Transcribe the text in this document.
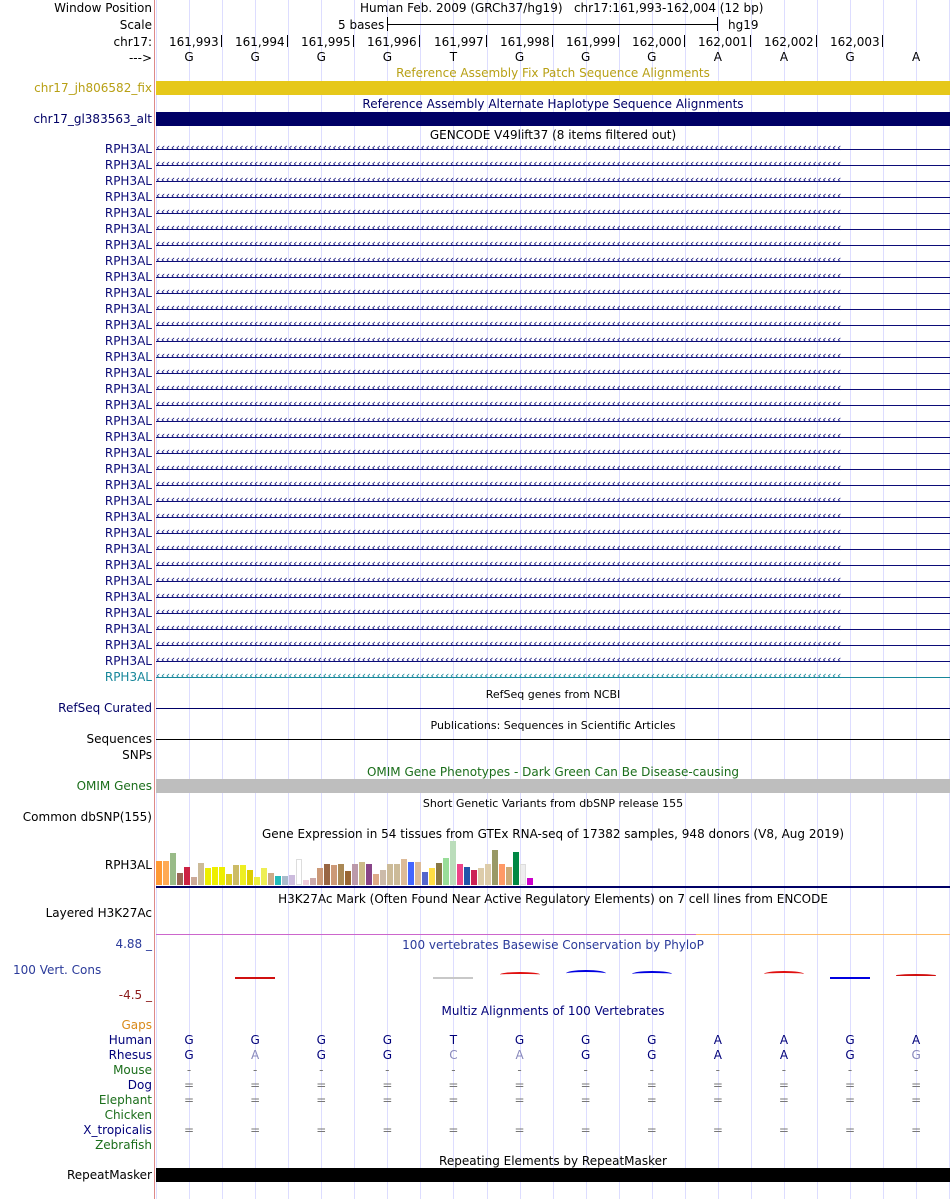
Window Position	Human Feb. 2009 (GRCh37/hg19)   chr17:161,993-162,004 (12 bp)
Scale	5 bases	hg19
chr17:
--->
161,993 161,994 161,995 161,996 161,997 161,998 161,999 162,000 162,001 162,002 162,003
G	G	G	G	T	G	G	G	A	A	G	A
Reference Assembly Fix Patch Sequence Alignments
chr17_jh806582_fix
Reference Assembly Alternate Haplotype Sequence Alignments
chr17_gl383563_alt
GENCODE V49lift37 (8 items filtered out)
RPH3AL ‹‹‹‹‹‹‹‹‹‹‹‹‹‹‹‹‹‹‹‹‹‹‹‹‹‹‹‹‹‹‹‹‹‹‹‹‹‹‹‹‹‹‹‹‹‹‹‹‹‹‹‹‹‹‹‹‹‹‹‹‹‹‹‹‹‹‹‹‹‹‹‹‹‹‹‹‹‹‹‹‹‹‹‹‹‹‹‹‹‹‹‹‹‹‹‹‹‹‹‹‹‹‹‹‹‹‹‹‹‹‹‹‹‹‹‹‹‹‹‹‹‹‹‹‹‹‹‹‹‹‹‹‹‹‹‹‹‹‹‹
RPH3AL ‹‹‹‹‹‹‹‹‹‹‹‹‹‹‹‹‹‹‹‹‹‹‹‹‹‹‹‹‹‹‹‹‹‹‹‹‹‹‹‹‹‹‹‹‹‹‹‹‹‹‹‹‹‹‹‹‹‹‹‹‹‹‹‹‹‹‹‹‹‹‹‹‹‹‹‹‹‹‹‹‹‹‹‹‹‹‹‹‹‹‹‹‹‹‹‹‹‹‹‹‹‹‹‹‹‹‹‹‹‹‹‹‹‹‹‹‹‹‹‹‹‹‹‹‹‹‹‹‹‹‹‹‹‹‹‹‹‹‹‹
RPH3AL ‹‹‹‹‹‹‹‹‹‹‹‹‹‹‹‹‹‹‹‹‹‹‹‹‹‹‹‹‹‹‹‹‹‹‹‹‹‹‹‹‹‹‹‹‹‹‹‹‹‹‹‹‹‹‹‹‹‹‹‹‹‹‹‹‹‹‹‹‹‹‹‹‹‹‹‹‹‹‹‹‹‹‹‹‹‹‹‹‹‹‹‹‹‹‹‹‹‹‹‹‹‹‹‹‹‹‹‹‹‹‹‹‹‹‹‹‹‹‹‹‹‹‹‹‹‹‹‹‹‹‹‹‹‹‹‹‹‹‹‹
RPH3AL ‹‹‹‹‹‹‹‹‹‹‹‹‹‹‹‹‹‹‹‹‹‹‹‹‹‹‹‹‹‹‹‹‹‹‹‹‹‹‹‹‹‹‹‹‹‹‹‹‹‹‹‹‹‹‹‹‹‹‹‹‹‹‹‹‹‹‹‹‹‹‹‹‹‹‹‹‹‹‹‹‹‹‹‹‹‹‹‹‹‹‹‹‹‹‹‹‹‹‹‹‹‹‹‹‹‹‹‹‹‹‹‹‹‹‹‹‹‹‹‹‹‹‹‹‹‹‹‹‹‹‹‹‹‹‹‹‹‹‹‹
RPH3AL ‹‹‹‹‹‹‹‹‹‹‹‹‹‹‹‹‹‹‹‹‹‹‹‹‹‹‹‹‹‹‹‹‹‹‹‹‹‹‹‹‹‹‹‹‹‹‹‹‹‹‹‹‹‹‹‹‹‹‹‹‹‹‹‹‹‹‹‹‹‹‹‹‹‹‹‹‹‹‹‹‹‹‹‹‹‹‹‹‹‹‹‹‹‹‹‹‹‹‹‹‹‹‹‹‹‹‹‹‹‹‹‹‹‹‹‹‹‹‹‹‹‹‹‹‹‹‹‹‹‹‹‹‹‹‹‹‹‹‹‹
RPH3AL ‹‹‹‹‹‹‹‹‹‹‹‹‹‹‹‹‹‹‹‹‹‹‹‹‹‹‹‹‹‹‹‹‹‹‹‹‹‹‹‹‹‹‹‹‹‹‹‹‹‹‹‹‹‹‹‹‹‹‹‹‹‹‹‹‹‹‹‹‹‹‹‹‹‹‹‹‹‹‹‹‹‹‹‹‹‹‹‹‹‹‹‹‹‹‹‹‹‹‹‹‹‹‹‹‹‹‹‹‹‹‹‹‹‹‹‹‹‹‹‹‹‹‹‹‹‹‹‹‹‹‹‹‹‹‹‹‹‹‹‹
RPH3AL ‹‹‹‹‹‹‹‹‹‹‹‹‹‹‹‹‹‹‹‹‹‹‹‹‹‹‹‹‹‹‹‹‹‹‹‹‹‹‹‹‹‹‹‹‹‹‹‹‹‹‹‹‹‹‹‹‹‹‹‹‹‹‹‹‹‹‹‹‹‹‹‹‹‹‹‹‹‹‹‹‹‹‹‹‹‹‹‹‹‹‹‹‹‹‹‹‹‹‹‹‹‹‹‹‹‹‹‹‹‹‹‹‹‹‹‹‹‹‹‹‹‹‹‹‹‹‹‹‹‹‹‹‹‹‹‹‹‹‹‹
RPH3AL ‹‹‹‹‹‹‹‹‹‹‹‹‹‹‹‹‹‹‹‹‹‹‹‹‹‹‹‹‹‹‹‹‹‹‹‹‹‹‹‹‹‹‹‹‹‹‹‹‹‹‹‹‹‹‹‹‹‹‹‹‹‹‹‹‹‹‹‹‹‹‹‹‹‹‹‹‹‹‹‹‹‹‹‹‹‹‹‹‹‹‹‹‹‹‹‹‹‹‹‹‹‹‹‹‹‹‹‹‹‹‹‹‹‹‹‹‹‹‹‹‹‹‹‹‹‹‹‹‹‹‹‹‹‹‹‹‹‹‹‹
RPH3AL ‹‹‹‹‹‹‹‹‹‹‹‹‹‹‹‹‹‹‹‹‹‹‹‹‹‹‹‹‹‹‹‹‹‹‹‹‹‹‹‹‹‹‹‹‹‹‹‹‹‹‹‹‹‹‹‹‹‹‹‹‹‹‹‹‹‹‹‹‹‹‹‹‹‹‹‹‹‹‹‹‹‹‹‹‹‹‹‹‹‹‹‹‹‹‹‹‹‹‹‹‹‹‹‹‹‹‹‹‹‹‹‹‹‹‹‹‹‹‹‹‹‹‹‹‹‹‹‹‹‹‹‹‹‹‹‹‹‹‹‹
RPH3AL ‹‹‹‹‹‹‹‹‹‹‹‹‹‹‹‹‹‹‹‹‹‹‹‹‹‹‹‹‹‹‹‹‹‹‹‹‹‹‹‹‹‹‹‹‹‹‹‹‹‹‹‹‹‹‹‹‹‹‹‹‹‹‹‹‹‹‹‹‹‹‹‹‹‹‹‹‹‹‹‹‹‹‹‹‹‹‹‹‹‹‹‹‹‹‹‹‹‹‹‹‹‹‹‹‹‹‹‹‹‹‹‹‹‹‹‹‹‹‹‹‹‹‹‹‹‹‹‹‹‹‹‹‹‹‹‹‹‹‹‹
RPH3AL ‹‹‹‹‹‹‹‹‹‹‹‹‹‹‹‹‹‹‹‹‹‹‹‹‹‹‹‹‹‹‹‹‹‹‹‹‹‹‹‹‹‹‹‹‹‹‹‹‹‹‹‹‹‹‹‹‹‹‹‹‹‹‹‹‹‹‹‹‹‹‹‹‹‹‹‹‹‹‹‹‹‹‹‹‹‹‹‹‹‹‹‹‹‹‹‹‹‹‹‹‹‹‹‹‹‹‹‹‹‹‹‹‹‹‹‹‹‹‹‹‹‹‹‹‹‹‹‹‹‹‹‹‹‹‹‹‹‹‹‹
RPH3AL ‹‹‹‹‹‹‹‹‹‹‹‹‹‹‹‹‹‹‹‹‹‹‹‹‹‹‹‹‹‹‹‹‹‹‹‹‹‹‹‹‹‹‹‹‹‹‹‹‹‹‹‹‹‹‹‹‹‹‹‹‹‹‹‹‹‹‹‹‹‹‹‹‹‹‹‹‹‹‹‹‹‹‹‹‹‹‹‹‹‹‹‹‹‹‹‹‹‹‹‹‹‹‹‹‹‹‹‹‹‹‹‹‹‹‹‹‹‹‹‹‹‹‹‹‹‹‹‹‹‹‹‹‹‹‹‹‹‹‹‹
RPH3AL ‹‹‹‹‹‹‹‹‹‹‹‹‹‹‹‹‹‹‹‹‹‹‹‹‹‹‹‹‹‹‹‹‹‹‹‹‹‹‹‹‹‹‹‹‹‹‹‹‹‹‹‹‹‹‹‹‹‹‹‹‹‹‹‹‹‹‹‹‹‹‹‹‹‹‹‹‹‹‹‹‹‹‹‹‹‹‹‹‹‹‹‹‹‹‹‹‹‹‹‹‹‹‹‹‹‹‹‹‹‹‹‹‹‹‹‹‹‹‹‹‹‹‹‹‹‹‹‹‹‹‹‹‹‹‹‹‹‹‹‹
RPH3AL ‹‹‹‹‹‹‹‹‹‹‹‹‹‹‹‹‹‹‹‹‹‹‹‹‹‹‹‹‹‹‹‹‹‹‹‹‹‹‹‹‹‹‹‹‹‹‹‹‹‹‹‹‹‹‹‹‹‹‹‹‹‹‹‹‹‹‹‹‹‹‹‹‹‹‹‹‹‹‹‹‹‹‹‹‹‹‹‹‹‹‹‹‹‹‹‹‹‹‹‹‹‹‹‹‹‹‹‹‹‹‹‹‹‹‹‹‹‹‹‹‹‹‹‹‹‹‹‹‹‹‹‹‹‹‹‹‹‹‹‹
RPH3AL ‹‹‹‹‹‹‹‹‹‹‹‹‹‹‹‹‹‹‹‹‹‹‹‹‹‹‹‹‹‹‹‹‹‹‹‹‹‹‹‹‹‹‹‹‹‹‹‹‹‹‹‹‹‹‹‹‹‹‹‹‹‹‹‹‹‹‹‹‹‹‹‹‹‹‹‹‹‹‹‹‹‹‹‹‹‹‹‹‹‹‹‹‹‹‹‹‹‹‹‹‹‹‹‹‹‹‹‹‹‹‹‹‹‹‹‹‹‹‹‹‹‹‹‹‹‹‹‹‹‹‹‹‹‹‹‹‹‹‹‹
RPH3AL ‹‹‹‹‹‹‹‹‹‹‹‹‹‹‹‹‹‹‹‹‹‹‹‹‹‹‹‹‹‹‹‹‹‹‹‹‹‹‹‹‹‹‹‹‹‹‹‹‹‹‹‹‹‹‹‹‹‹‹‹‹‹‹‹‹‹‹‹‹‹‹‹‹‹‹‹‹‹‹‹‹‹‹‹‹‹‹‹‹‹‹‹‹‹‹‹‹‹‹‹‹‹‹‹‹‹‹‹‹‹‹‹‹‹‹‹‹‹‹‹‹‹‹‹‹‹‹‹‹‹‹‹‹‹‹‹‹‹‹‹
RPH3AL ‹‹‹‹‹‹‹‹‹‹‹‹‹‹‹‹‹‹‹‹‹‹‹‹‹‹‹‹‹‹‹‹‹‹‹‹‹‹‹‹‹‹‹‹‹‹‹‹‹‹‹‹‹‹‹‹‹‹‹‹‹‹‹‹‹‹‹‹‹‹‹‹‹‹‹‹‹‹‹‹‹‹‹‹‹‹‹‹‹‹‹‹‹‹‹‹‹‹‹‹‹‹‹‹‹‹‹‹‹‹‹‹‹‹‹‹‹‹‹‹‹‹‹‹‹‹‹‹‹‹‹‹‹‹‹‹‹‹‹‹
RPH3AL ‹‹‹‹‹‹‹‹‹‹‹‹‹‹‹‹‹‹‹‹‹‹‹‹‹‹‹‹‹‹‹‹‹‹‹‹‹‹‹‹‹‹‹‹‹‹‹‹‹‹‹‹‹‹‹‹‹‹‹‹‹‹‹‹‹‹‹‹‹‹‹‹‹‹‹‹‹‹‹‹‹‹‹‹‹‹‹‹‹‹‹‹‹‹‹‹‹‹‹‹‹‹‹‹‹‹‹‹‹‹‹‹‹‹‹‹‹‹‹‹‹‹‹‹‹‹‹‹‹‹‹‹‹‹‹‹‹‹‹‹
RPH3AL ‹‹‹‹‹‹‹‹‹‹‹‹‹‹‹‹‹‹‹‹‹‹‹‹‹‹‹‹‹‹‹‹‹‹‹‹‹‹‹‹‹‹‹‹‹‹‹‹‹‹‹‹‹‹‹‹‹‹‹‹‹‹‹‹‹‹‹‹‹‹‹‹‹‹‹‹‹‹‹‹‹‹‹‹‹‹‹‹‹‹‹‹‹‹‹‹‹‹‹‹‹‹‹‹‹‹‹‹‹‹‹‹‹‹‹‹‹‹‹‹‹‹‹‹‹‹‹‹‹‹‹‹‹‹‹‹‹‹‹‹
RPH3AL ‹‹‹‹‹‹‹‹‹‹‹‹‹‹‹‹‹‹‹‹‹‹‹‹‹‹‹‹‹‹‹‹‹‹‹‹‹‹‹‹‹‹‹‹‹‹‹‹‹‹‹‹‹‹‹‹‹‹‹‹‹‹‹‹‹‹‹‹‹‹‹‹‹‹‹‹‹‹‹‹‹‹‹‹‹‹‹‹‹‹‹‹‹‹‹‹‹‹‹‹‹‹‹‹‹‹‹‹‹‹‹‹‹‹‹‹‹‹‹‹‹‹‹‹‹‹‹‹‹‹‹‹‹‹‹‹‹‹‹‹
RPH3AL ‹‹‹‹‹‹‹‹‹‹‹‹‹‹‹‹‹‹‹‹‹‹‹‹‹‹‹‹‹‹‹‹‹‹‹‹‹‹‹‹‹‹‹‹‹‹‹‹‹‹‹‹‹‹‹‹‹‹‹‹‹‹‹‹‹‹‹‹‹‹‹‹‹‹‹‹‹‹‹‹‹‹‹‹‹‹‹‹‹‹‹‹‹‹‹‹‹‹‹‹‹‹‹‹‹‹‹‹‹‹‹‹‹‹‹‹‹‹‹‹‹‹‹‹‹‹‹‹‹‹‹‹‹‹‹‹‹‹‹‹
RPH3AL ‹‹‹‹‹‹‹‹‹‹‹‹‹‹‹‹‹‹‹‹‹‹‹‹‹‹‹‹‹‹‹‹‹‹‹‹‹‹‹‹‹‹‹‹‹‹‹‹‹‹‹‹‹‹‹‹‹‹‹‹‹‹‹‹‹‹‹‹‹‹‹‹‹‹‹‹‹‹‹‹‹‹‹‹‹‹‹‹‹‹‹‹‹‹‹‹‹‹‹‹‹‹‹‹‹‹‹‹‹‹‹‹‹‹‹‹‹‹‹‹‹‹‹‹‹‹‹‹‹‹‹‹‹‹‹‹‹‹‹‹
RPH3AL ‹‹‹‹‹‹‹‹‹‹‹‹‹‹‹‹‹‹‹‹‹‹‹‹‹‹‹‹‹‹‹‹‹‹‹‹‹‹‹‹‹‹‹‹‹‹‹‹‹‹‹‹‹‹‹‹‹‹‹‹‹‹‹‹‹‹‹‹‹‹‹‹‹‹‹‹‹‹‹‹‹‹‹‹‹‹‹‹‹‹‹‹‹‹‹‹‹‹‹‹‹‹‹‹‹‹‹‹‹‹‹‹‹‹‹‹‹‹‹‹‹‹‹‹‹‹‹‹‹‹‹‹‹‹‹‹‹‹‹‹
RPH3AL ‹‹‹‹‹‹‹‹‹‹‹‹‹‹‹‹‹‹‹‹‹‹‹‹‹‹‹‹‹‹‹‹‹‹‹‹‹‹‹‹‹‹‹‹‹‹‹‹‹‹‹‹‹‹‹‹‹‹‹‹‹‹‹‹‹‹‹‹‹‹‹‹‹‹‹‹‹‹‹‹‹‹‹‹‹‹‹‹‹‹‹‹‹‹‹‹‹‹‹‹‹‹‹‹‹‹‹‹‹‹‹‹‹‹‹‹‹‹‹‹‹‹‹‹‹‹‹‹‹‹‹‹‹‹‹‹‹‹‹‹
RPH3AL ‹‹‹‹‹‹‹‹‹‹‹‹‹‹‹‹‹‹‹‹‹‹‹‹‹‹‹‹‹‹‹‹‹‹‹‹‹‹‹‹‹‹‹‹‹‹‹‹‹‹‹‹‹‹‹‹‹‹‹‹‹‹‹‹‹‹‹‹‹‹‹‹‹‹‹‹‹‹‹‹‹‹‹‹‹‹‹‹‹‹‹‹‹‹‹‹‹‹‹‹‹‹‹‹‹‹‹‹‹‹‹‹‹‹‹‹‹‹‹‹‹‹‹‹‹‹‹‹‹‹‹‹‹‹‹‹‹‹‹‹
RPH3AL ‹‹‹‹‹‹‹‹‹‹‹‹‹‹‹‹‹‹‹‹‹‹‹‹‹‹‹‹‹‹‹‹‹‹‹‹‹‹‹‹‹‹‹‹‹‹‹‹‹‹‹‹‹‹‹‹‹‹‹‹‹‹‹‹‹‹‹‹‹‹‹‹‹‹‹‹‹‹‹‹‹‹‹‹‹‹‹‹‹‹‹‹‹‹‹‹‹‹‹‹‹‹‹‹‹‹‹‹‹‹‹‹‹‹‹‹‹‹‹‹‹‹‹‹‹‹‹‹‹‹‹‹‹‹‹‹‹‹‹‹
RPH3AL ‹‹‹‹‹‹‹‹‹‹‹‹‹‹‹‹‹‹‹‹‹‹‹‹‹‹‹‹‹‹‹‹‹‹‹‹‹‹‹‹‹‹‹‹‹‹‹‹‹‹‹‹‹‹‹‹‹‹‹‹‹‹‹‹‹‹‹‹‹‹‹‹‹‹‹‹‹‹‹‹‹‹‹‹‹‹‹‹‹‹‹‹‹‹‹‹‹‹‹‹‹‹‹‹‹‹‹‹‹‹‹‹‹‹‹‹‹‹‹‹‹‹‹‹‹‹‹‹‹‹‹‹‹‹‹‹‹‹‹‹
RPH3AL ‹‹‹‹‹‹‹‹‹‹‹‹‹‹‹‹‹‹‹‹‹‹‹‹‹‹‹‹‹‹‹‹‹‹‹‹‹‹‹‹‹‹‹‹‹‹‹‹‹‹‹‹‹‹‹‹‹‹‹‹‹‹‹‹‹‹‹‹‹‹‹‹‹‹‹‹‹‹‹‹‹‹‹‹‹‹‹‹‹‹‹‹‹‹‹‹‹‹‹‹‹‹‹‹‹‹‹‹‹‹‹‹‹‹‹‹‹‹‹‹‹‹‹‹‹‹‹‹‹‹‹‹‹‹‹‹‹‹‹‹
RPH3AL ‹‹‹‹‹‹‹‹‹‹‹‹‹‹‹‹‹‹‹‹‹‹‹‹‹‹‹‹‹‹‹‹‹‹‹‹‹‹‹‹‹‹‹‹‹‹‹‹‹‹‹‹‹‹‹‹‹‹‹‹‹‹‹‹‹‹‹‹‹‹‹‹‹‹‹‹‹‹‹‹‹‹‹‹‹‹‹‹‹‹‹‹‹‹‹‹‹‹‹‹‹‹‹‹‹‹‹‹‹‹‹‹‹‹‹‹‹‹‹‹‹‹‹‹‹‹‹‹‹‹‹‹‹‹‹‹‹‹‹‹
RPH3AL ‹‹‹‹‹‹‹‹‹‹‹‹‹‹‹‹‹‹‹‹‹‹‹‹‹‹‹‹‹‹‹‹‹‹‹‹‹‹‹‹‹‹‹‹‹‹‹‹‹‹‹‹‹‹‹‹‹‹‹‹‹‹‹‹‹‹‹‹‹‹‹‹‹‹‹‹‹‹‹‹‹‹‹‹‹‹‹‹‹‹‹‹‹‹‹‹‹‹‹‹‹‹‹‹‹‹‹‹‹‹‹‹‹‹‹‹‹‹‹‹‹‹‹‹‹‹‹‹‹‹‹‹‹‹‹‹‹‹‹‹
RPH3AL ‹‹‹‹‹‹‹‹‹‹‹‹‹‹‹‹‹‹‹‹‹‹‹‹‹‹‹‹‹‹‹‹‹‹‹‹‹‹‹‹‹‹‹‹‹‹‹‹‹‹‹‹‹‹‹‹‹‹‹‹‹‹‹‹‹‹‹‹‹‹‹‹‹‹‹‹‹‹‹‹‹‹‹‹‹‹‹‹‹‹‹‹‹‹‹‹‹‹‹‹‹‹‹‹‹‹‹‹‹‹‹‹‹‹‹‹‹‹‹‹‹‹‹‹‹‹‹‹‹‹‹‹‹‹‹‹‹‹‹‹
RPH3AL ‹‹‹‹‹‹‹‹‹‹‹‹‹‹‹‹‹‹‹‹‹‹‹‹‹‹‹‹‹‹‹‹‹‹‹‹‹‹‹‹‹‹‹‹‹‹‹‹‹‹‹‹‹‹‹‹‹‹‹‹‹‹‹‹‹‹‹‹‹‹‹‹‹‹‹‹‹‹‹‹‹‹‹‹‹‹‹‹‹‹‹‹‹‹‹‹‹‹‹‹‹‹‹‹‹‹‹‹‹‹‹‹‹‹‹‹‹‹‹‹‹‹‹‹‹‹‹‹‹‹‹‹‹‹‹‹‹‹‹‹
RPH3AL ‹‹‹‹‹‹‹‹‹‹‹‹‹‹‹‹‹‹‹‹‹‹‹‹‹‹‹‹‹‹‹‹‹‹‹‹‹‹‹‹‹‹‹‹‹‹‹‹‹‹‹‹‹‹‹‹‹‹‹‹‹‹‹‹‹‹‹‹‹‹‹‹‹‹‹‹‹‹‹‹‹‹‹‹‹‹‹‹‹‹‹‹‹‹‹‹‹‹‹‹‹‹‹‹‹‹‹‹‹‹‹‹‹‹‹‹‹‹‹‹‹‹‹‹‹‹‹‹‹‹‹‹‹‹‹‹‹‹‹‹
RPH3AL ‹‹‹‹‹‹‹‹‹‹‹‹‹‹‹‹‹‹‹‹‹‹‹‹‹‹‹‹‹‹‹‹‹‹‹‹‹‹‹‹‹‹‹‹‹‹‹‹‹‹‹‹‹‹‹‹‹‹‹‹‹‹‹‹‹‹‹‹‹‹‹‹‹‹‹‹‹‹‹‹‹‹‹‹‹‹‹‹‹‹‹‹‹‹‹‹‹‹‹‹‹‹‹‹‹‹‹‹‹‹‹‹‹‹‹‹‹‹‹‹‹‹‹‹‹‹‹‹‹‹‹‹‹‹‹‹‹‹‹‹
RefSeq genes from NCBI
RefSeq Curated
Publications: Sequences in Scientific Articles
Sequences
SNPs
OMIM Gene Phenotypes - Dark Green Can Be Disease-causing
OMIM Genes
Short Genetic Variants from dbSNP release 155
Common dbSNP(155)
Gene Expression in 54 tissues from GTEx RNA-seq of 17382 samples, 948 donors (V8, Aug 2019)
RPH3AL
H3K27Ac Mark (Often Found Near Active Regulatory Elements) on 7 cell lines from ENCODE
Layered H3K27Ac
100 vertebrates Basewise Conservation by PhyloP
4.88 _
100 Vert. Cons
-4.5 _
Multiz Alignments of 100 Vertebrates
Gaps
Human	G	G	G	G	T	G	G	G	A	A	G	A
Rhesus	G	A	G	G	C	A	G	G	A	A	G	G
Mouse	-	-	-	-	-	-	-	-	-	-	-	-
Dog	=	=	=	=	=	=	=	=	=	=	=	=
Elephant	=	=	=	=	=	=	=	=	=	=	=	=
Chicken
X_tropicalis	=	=	=	=	=	=	=	=	=	=	=	=
Zebrafish
Repeating Elements by RepeatMasker
RepeatMasker
